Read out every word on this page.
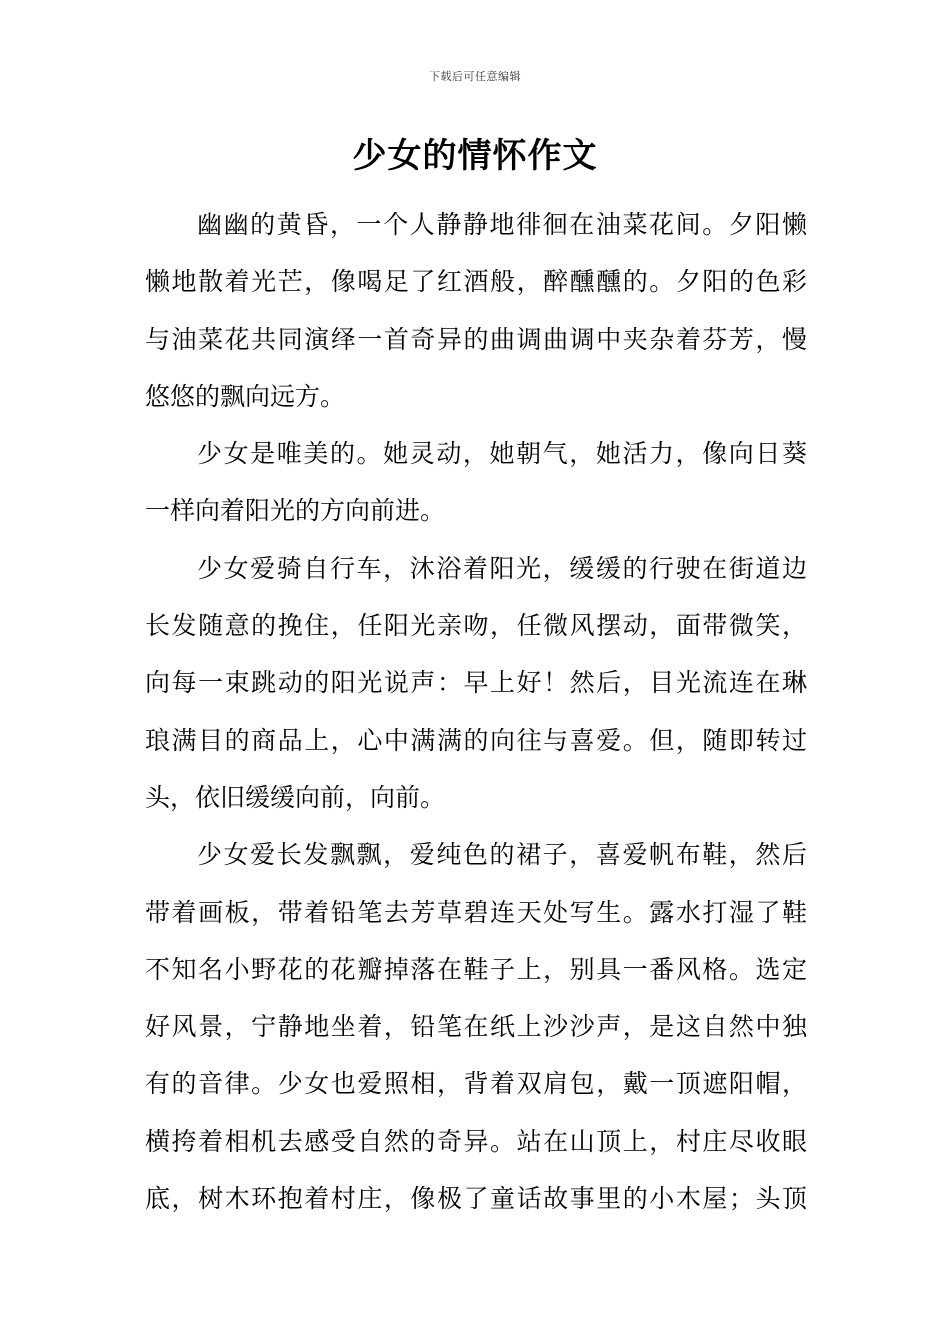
下载后可任意编辑
少女的情怀作文
幽幽的黄昏，一个人静静地徘徊在油菜花间。夕阳懒
懒地散着光芒，像喝足了红酒般，醉醺醺的。夕阳的色彩
与油菜花共同演绎一首奇异的曲调曲调中夹杂着芬芳，慢
悠悠的飘向远方。
少女是唯美的。她灵动，她朝气，她活力，像向日葵
一样向着阳光的方向前进。
少女爱骑自行车，沐浴着阳光，缓缓的行驶在街道边
长发随意的挽住，任阳光亲吻，任微风摆动，面带微笑，
向每一束跳动的阳光说声：早上好！然后，目光流连在琳
琅满目的商品上，心中满满的向往与喜爱。但，随即转过
头，依旧缓缓向前，向前。
少女爱长发飘飘，爱纯色的裙子，喜爱帆布鞋，然后
带着画板，带着铅笔去芳草碧连天处写生。露水打湿了鞋
不知名小野花的花瓣掉落在鞋子上，别具一番风格。选定
好风景，宁静地坐着，铅笔在纸上沙沙声，是这自然中独
有的音律。少女也爱照相，背着双肩包，戴一顶遮阳帽，
横挎着相机去感受自然的奇异。站在山顶上，村庄尽收眼
底，树木环抱着村庄，像极了童话故事里的小木屋；头顶
